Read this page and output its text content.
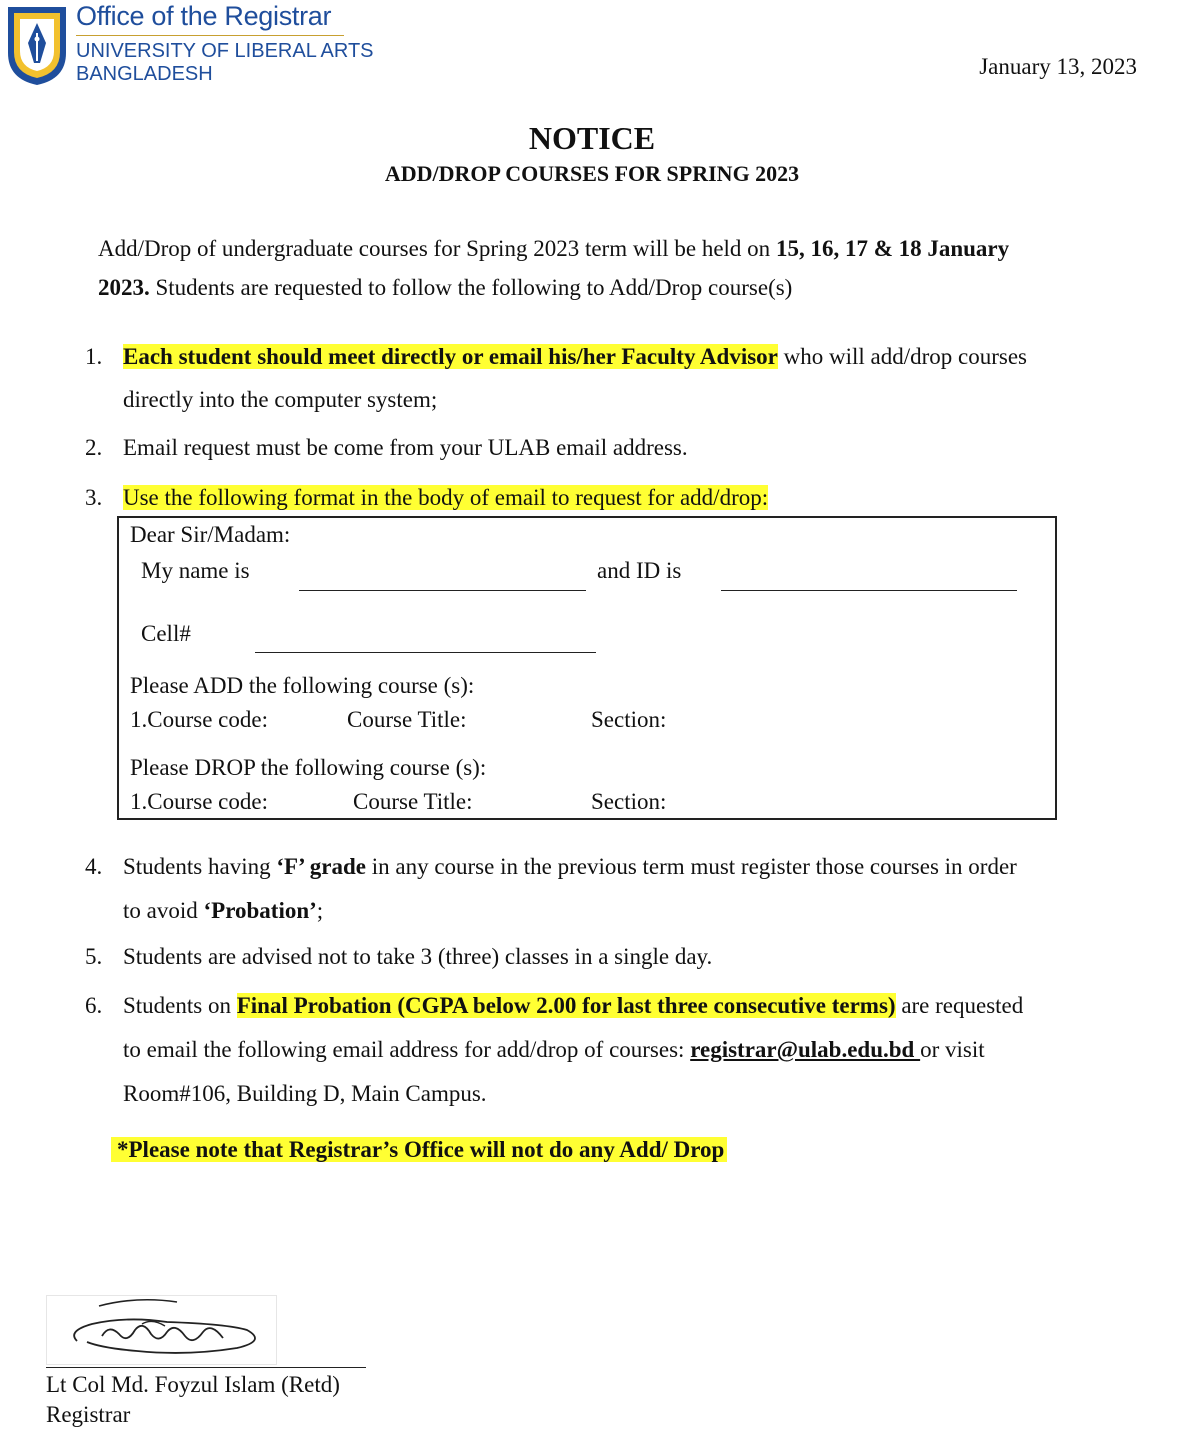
Office of the Registrar
UNIVERSITY OF LIBERAL ARTS
BANGLADESH	January 13, 2023
NOTICE
ADD/DROP COURSES FOR SPRING 2023
Add/Drop of undergraduate courses for Spring 2023 term will be held on 15, 16, 17 & 18 January
2023. Students are requested to follow the following to Add/Drop course(s)
1. Each student should meet directly or email his/her Faculty Advisor who will add/drop courses
directly into the computer system;
2. Email request must be come from your ULAB email address.
3. Use the following format in the body of email to request for add/drop:
Dear Sir/Madam:
My name is	and ID is
Cell#
Please ADD the following course (s):
1.Course code:	Course Title:	Section:
Please DROP the following course (s):
1.Course code:	Course Title:	Section:
4. Students having ‘F’ grade in any course in the previous term must register those courses in order
to avoid ‘Probation’;
5. Students are advised not to take 3 (three) classes in a single day.
6. Students on Final Probation (CGPA below 2.00 for last three consecutive terms) are requested
to email the following email address for add/drop of courses: registrar@ulab.edu.bd or visit
Room#106, Building D, Main Campus.
*Please note that Registrar’s Office will not do any Add/ Drop
Lt Col Md. Foyzul Islam (Retd)
Registrar
